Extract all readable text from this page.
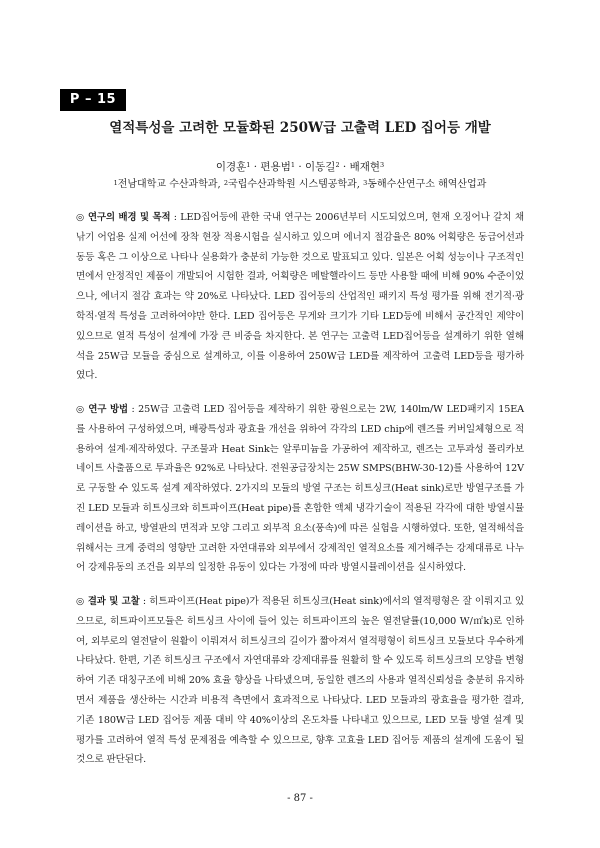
P – 15
열적특성을 고려한 모듈화된 250W급 고출력 LED 집어등 개발
이경훈$^1$ · 편용범$^1$ · 이동길$^2$ · 배재현$^3$
$^1$전남대학교 수산과학과, $^2$국립수산과학원 시스템공학과, $^3$동해수산연구소 해역산업과
◎ 연구의 배경 및 목적 : LED집어등에 관한 국내 연구는 2006년부터 시도되었으며, 현재 오징어나 갈치 채낚기 어업용 실제 어선에 장착 현장 적용시험을 실시하고 있으며 에너지 절감율은 80% 어획량은 동급어선과 동등 혹은 그 이상으로 나타나 실용화가 충분히 가능한 것으로 발표되고 있다. 일본은 어획 성능이나 구조적인 면에서 안정적인 제품이 개발되어 시험한 결과, 어획량은 메탈핼라이드 등만 사용할 때에 비해 90% 수준이었으나, 에너지 절감 효과는 약 20%로 나타났다. LED 집어등의 산업적인 패키지 특성 평가를 위해 전기적·광학적·열적 특성을 고려하여야만 한다. LED 집어등은 무게와 크기가 기타 LED등에 비해서 공간적인 제약이 있으므로 열적 특성이 설계에 가장 큰 비중을 차지한다. 본 연구는 고출력 LED집어등을 설계하기 위한 열해석을 25W급 모듈을 중심으로 설계하고, 이를 이용하여 250W급 LED를 제작하여 고출력 LED등을 평가하였다.
◎ 연구 방법 : 25W급 고출력 LED 집어등을 제작하기 위한 광원으로는 2W, 140lm/W LED패키지 15EA를 사용하여 구성하였으며, 배광특성과 광효율 개선을 위하여 각각의 LED chip에 렌즈를 커버일체형으로 적용하여 설계·제작하였다. 구조물과 Heat Sink는 알루미늄을 가공하여 제작하고, 렌즈는 고투과성 폴리카보네이트 사출품으로 투과율은 92%로 나타났다. 전원공급장치는 25W SMPS(BHW-30-12)를 사용하여 12V로 구동할 수 있도록 설계 제작하였다. 2가지의 모듈의 방열 구조는 히트싱크(Heat sink)로만 방열구조를 가진 LED 모듈과 히트싱크와 히트파이프(Heat pipe)를 혼합한 액체 냉각기술이 적용된 각각에 대한 방열시뮬레이션을 하고, 방열판의 면적과 모양 그리고 외부적 요소(풍속)에 따른 실험을 시행하였다. 또한, 열적해석을 위해서는 크게 중력의 영향만 고려한 자연대류와 외부에서 강제적인 열적요소를 제거해주는 강제대류로 나누어 강제유동의 조건을 외부의 일정한 유동이 있다는 가정에 따라 방열시뮬레이션을 실시하였다.
◎ 결과 및 고찰 : 히트파이프(Heat pipe)가 적용된 히트싱크(Heat sink)에서의 열적평형은 잘 이뤄지고 있으므로, 히트파이프모듈은 히트싱크 사이에 들어 있는 히트파이프의 높은 열전달률(10,000 W/㎡k)로 인하여, 외부로의 열전달이 원활이 이뤄져서 히트싱크의 길이가 짧아져서 열적평형이 히트싱크 모듈보다 우수하게 나타났다. 한편, 기존 히트싱크 구조에서 자연대류와 강제대류를 원활히 할 수 있도록 히트싱크의 모양을 변형하여 기존 대칭구조에 비해 20% 효율 향상을 나타냈으며, 동일한 렌즈의 사용과 열적신뢰성을 충분히 유지하면서 제품을 생산하는 시간과 비용적 측면에서 효과적으로 나타났다. LED 모듈과의 광효율을 평가한 결과, 기존 180W급 LED 집어등 제품 대비 약 40%이상의 온도차를 나타내고 있으므로, LED 모듈 방열 설계 및 평가를 고려하여 열적 특성 문제점을 예측할 수 있으므로, 향후 고효율 LED 집어등 제품의 설계에 도움이 될 것으로 판단된다.
- 87 -
